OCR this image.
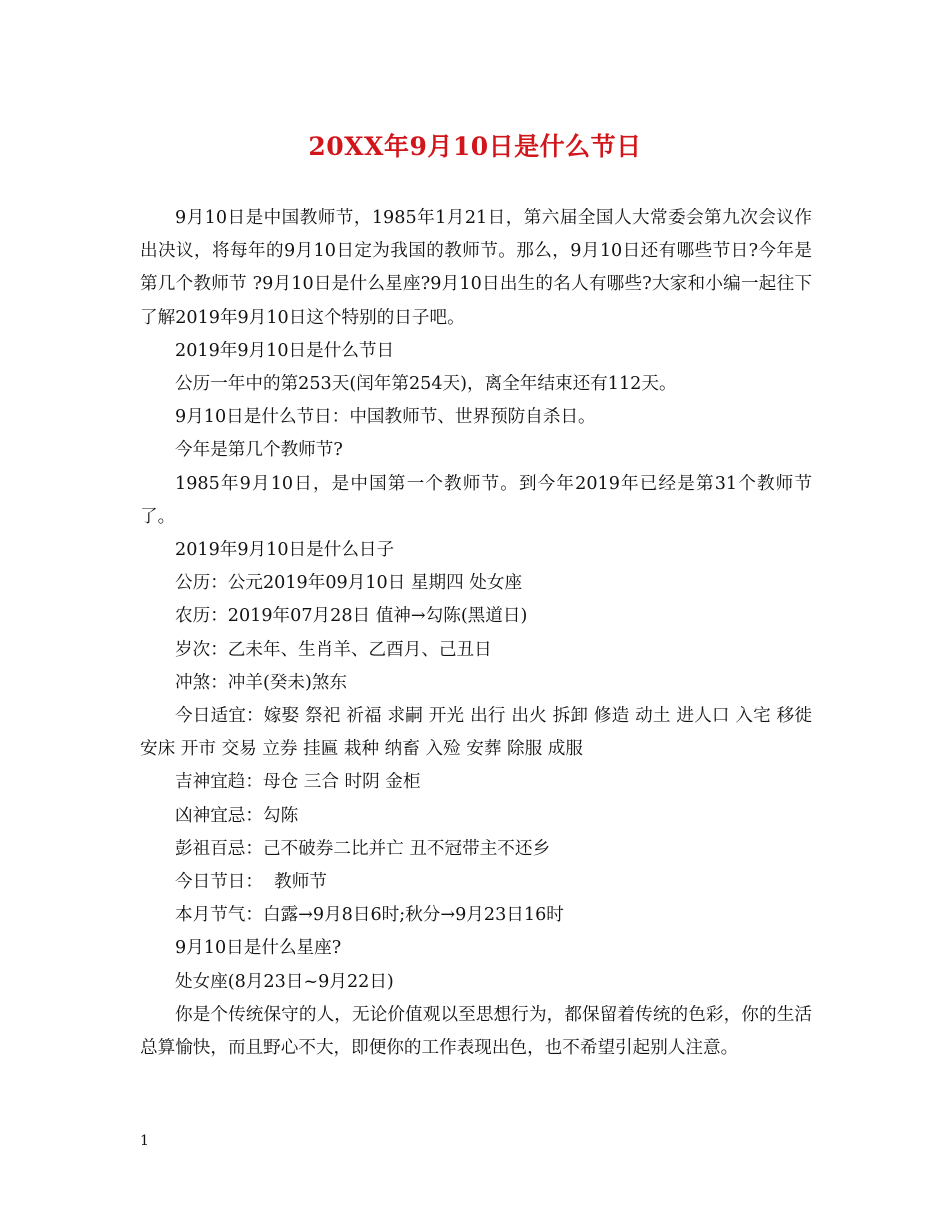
20XX年9月10日是什么节日

9月10日是中国教师节，1985年1月21日，第六届全国人大常委会第九次会议作出决议，将每年的9月10日定为我国的教师节。那么，9月10日还有哪些节日?今年是第几个教师节 ?9月10日是什么星座?9月10日出生的名人有哪些?大家和小编一起往下了解2019年9月10日这个特别的日子吧。

2019年9月10日是什么节日

公历一年中的第253天(闰年第254天)，离全年结束还有112天。

9月10日是什么节日：中国教师节、世界预防自杀日。

今年是第几个教师节?

1985年9月10日，是中国第一个教师节。到今年2019年已经是第31个教师节了。

2019年9月10日是什么日子

公历：公元2019年09月10日 星期四 处女座

农历：2019年07月28日 值神→勾陈(黑道日)

岁次：乙未年、生肖羊、乙酉月、己丑日

冲煞：冲羊(癸未)煞东

今日适宜：嫁娶 祭祀 祈福 求嗣 开光 出行 出火 拆卸 修造 动土 进人口 入宅 移徙 安床 开市 交易 立券 挂匾 栽种 纳畜 入殓 安葬 除服 成服

吉神宜趋：母仓 三合 时阴 金柜

凶神宜忌：勾陈

彭祖百忌：己不破券二比并亡 丑不冠带主不还乡

今日节日：  教师节

本月节气：白露→9月8日6时;秋分→9月23日16时

9月10日是什么星座?

处女座(8月23日~9月22日)

你是个传统保守的人，无论价值观以至思想行为，都保留着传统的色彩，你的生活总算愉快，而且野心不大，即便你的工作表现出色，也不希望引起别人注意。

1
